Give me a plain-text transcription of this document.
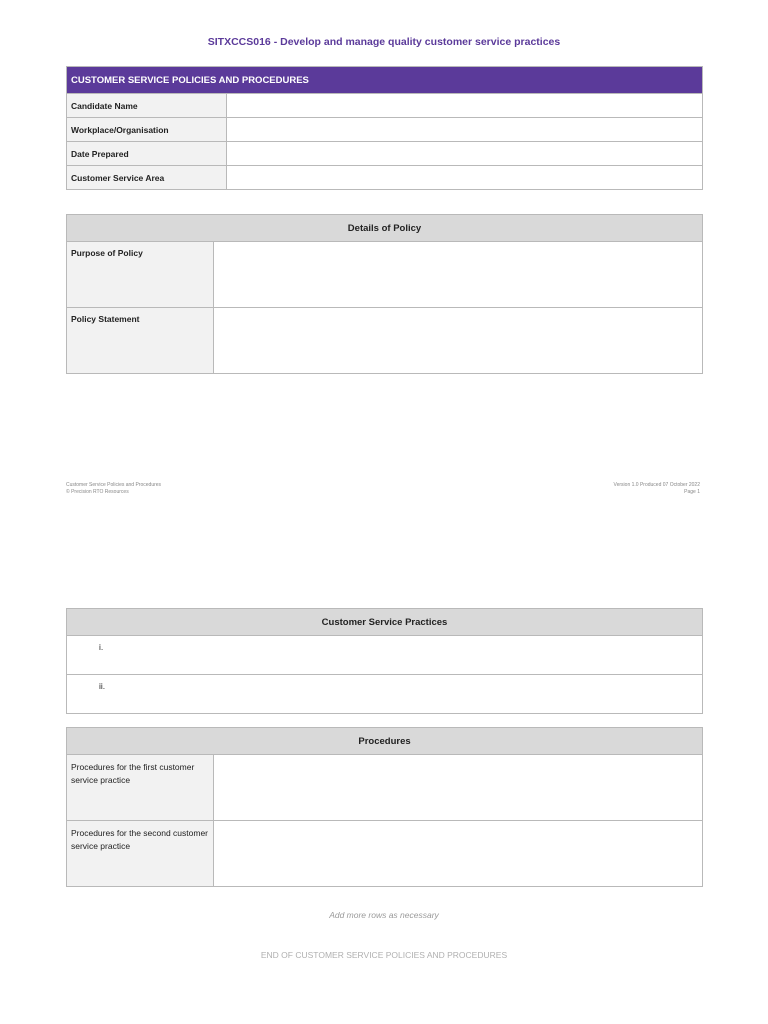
SITXCCS016 - Develop and manage quality customer service practices
CUSTOMER SERVICE POLICIES AND PROCEDURES	
Candidate Name	
Workplace/Organisation	
Date Prepared	
Customer Service Area	
Details of Policy	
Purpose of Policy	
Policy Statement	
Customer Service Policies and Procedures
© Precision RTO Resources
Version 1.0 Produced 07 October 2022
Page 1
Customer Service Practices
i.
ii.
Procedures	
Procedures for the first customer service practice	
Procedures for the second customer service practice	
Add more rows as necessary
END OF CUSTOMER SERVICE POLICIES AND PROCEDURES
